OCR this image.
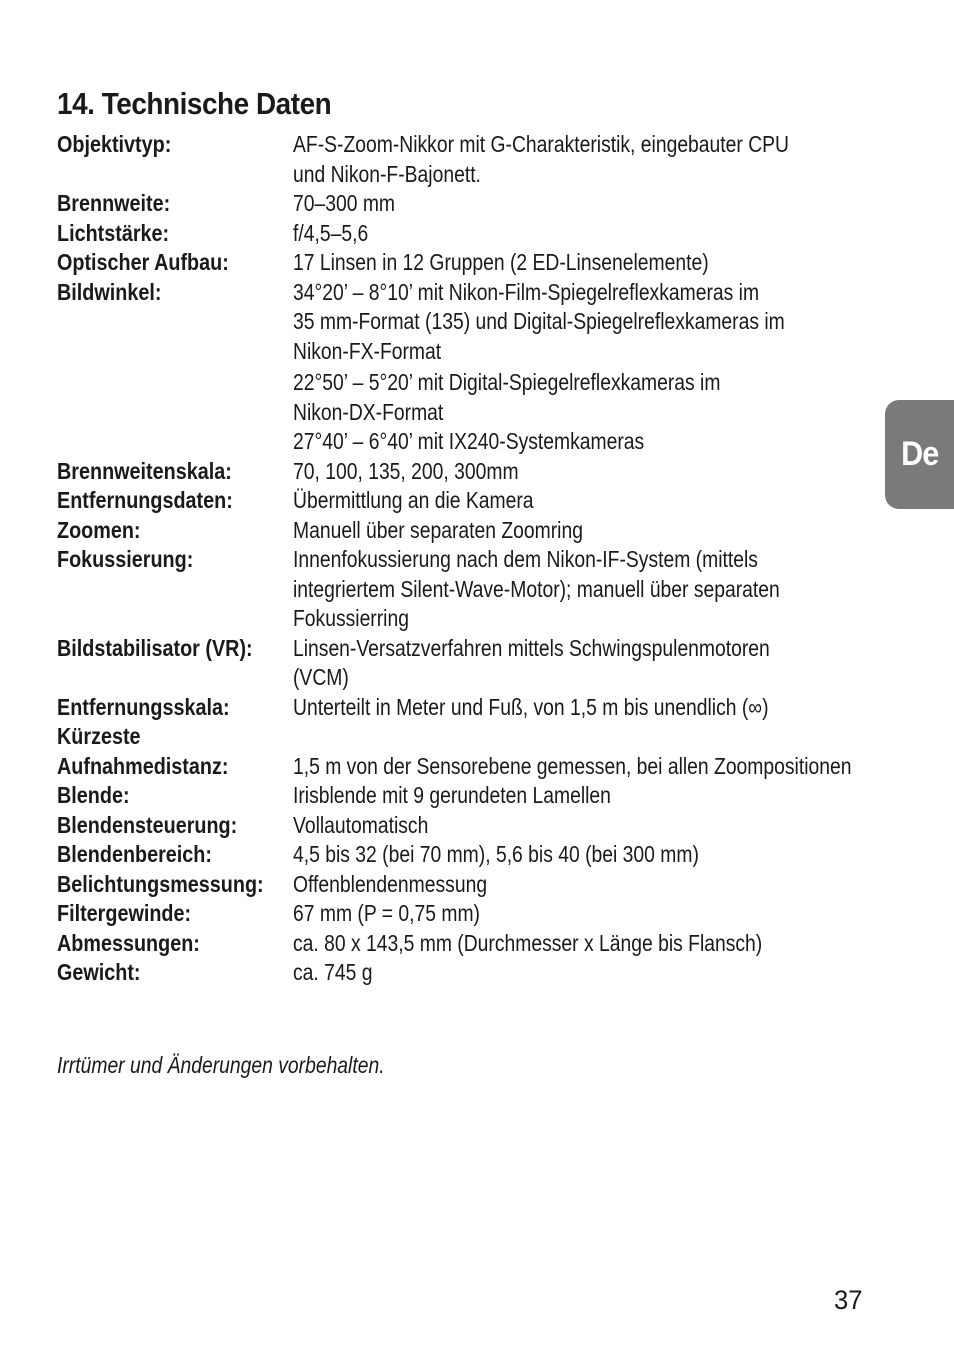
14. Technische Daten
Objektivtyp:	AF-S-Zoom-Nikkor mit G-Charakteristik, eingebauter CPU
und Nikon-F-Bajonett.
Brennweite:	70–300 mm
Lichtstärke:	f/4,5–5,6
Optischer Aufbau:	17 Linsen in 12 Gruppen (2 ED-Linsenelemente)
Bildwinkel:	34°20’ – 8°10’ mit Nikon-Film-Spiegelreflexkameras im
35 mm-Format (135) und Digital-Spiegelreflexkameras im
Nikon-FX-Format
22°50’ – 5°20’ mit Digital-Spiegelreflexkameras im
Nikon-DX-Format
27°40’ – 6°40’ mit IX240-Systemkameras
Brennweitenskala:	70, 100, 135, 200, 300mm
Entfernungsdaten:	Übermittlung an die Kamera
Zoomen:	Manuell über separaten Zoomring
Fokussierung:	Innenfokussierung nach dem Nikon-IF-System (mittels
integriertem Silent-Wave-Motor); manuell über separaten
Fokussierring
Bildstabilisator (VR):	Linsen-Versatzverfahren mittels Schwingspulenmotoren
(VCM)
Entfernungsskala:	Unterteilt in Meter und Fuß, von 1,5 m bis unendlich (∞)
Kürzeste

Aufnahmedistanz:	1,5 m von der Sensorebene gemessen, bei allen Zoompositionen
Blende:	Irisblende mit 9 gerundeten Lamellen
Blendensteuerung:	Vollautomatisch
Blendenbereich:	4,5 bis 32 (bei 70 mm), 5,6 bis 40 (bei 300 mm)
Belichtungsmessung: Offenblendenmessung
Filtergewinde:	67 mm (P = 0,75 mm)
Abmessungen:	ca. 80 x 143,5 mm (Durchmesser x Länge bis Flansch)
Gewicht:	ca. 745 g
Irrtümer und Änderungen vorbehalten.
De
37
